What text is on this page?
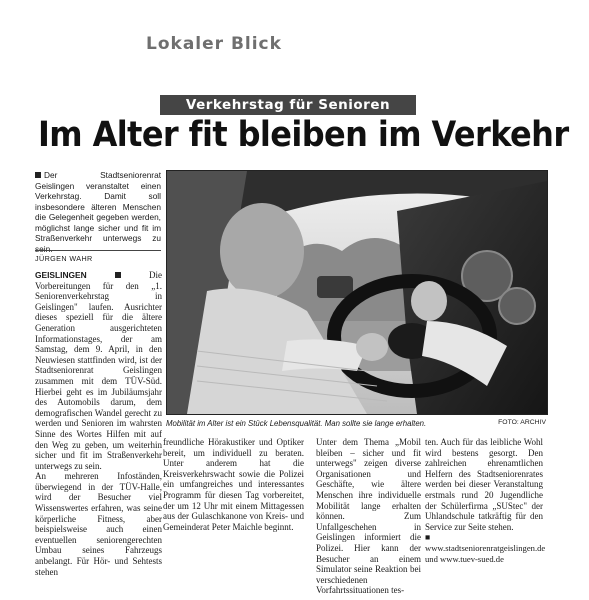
Lokaler Blick
Verkehrstag für Senioren
Im Alter fit bleiben im Verkehr
Der Stadtseniorenrat Geislingen veranstaltet einen Verkehrstag. Damit soll insbesondere älteren Menschen die Gelegenheit gegeben werden, möglichst lange sicher und fit im Straßenverkehr unterwegs zu sein.
JÜRGEN WAHR

GEISLINGEN	Die Vorbereitungen für den „1. Seniorenverkehrstag in Geislingen" laufen. Ausrichter dieses speziell für die ältere Generation ausgerichteten Informationstages, der am Samstag, dem 9. April, in den Neuwiesen stattfinden wird, ist der Stadtseniorenrat Geislingen zusammen mit dem TÜV-Süd. Hierbei geht es im Jubiläumsjahr des Automobils darum, dem demografischen Wandel gerecht zu werden und Senioren im wahrsten Sinne des Wortes Hilfen mit auf den Weg zu geben, um weiterhin sicher und fit im Straßenverkehr unterwegs zu sein.

An mehreren Infoständen, überwiegend in der TÜV-Halle, wird der Besucher viel Wissenswertes erfahren, was seine körperliche Fitness, aber beispielsweise auch einen eventuellen seniorengerechten Umbau seines Fahrzeugs anbelangt. Für Hör- und Sehtests stehen

Mobilität im Alter ist ein Stück Lebensqualität. Man sollte sie lange erhalten.	FOTO: ARCHIV

freundliche Hörakustiker und Optiker bereit, um individuell zu beraten. Unter anderem hat die Kreisverkehrswacht sowie die Polizei ein umfangreiches und interessantes Programm für diesen Tag vorbereitet, der um 12 Uhr mit einem Mittagessen aus der Gulaschkanone von Kreis- und Gemeinderat Peter Maichle beginnt.

Unter dem Thema „Mobil bleiben – sicher und fit unterwegs" zeigen diverse Organisationen und Geschäfte, wie ältere Menschen ihre individuelle Mobilität lange erhalten können. Zum Unfallgeschehen in Geislingen informiert die Polizei. Hier kann der Besucher an einem Simulator seine Reaktion bei verschiedenen Vorfahrtssituationen tes-

ten. Auch für das leibliche Wohl wird bestens gesorgt. Den zahlreichen ehrenamtlichen Helfern des Stadtseniorenrates werden bei dieser Veranstaltung erstmals rund 20 Jugendliche der Schülerfirma „SUStec" der Uhlandschule tatkräftig für den Service zur Seite stehen.

■ www.stadtseniorenratgeislingen.de und www.tuev-sued.de
